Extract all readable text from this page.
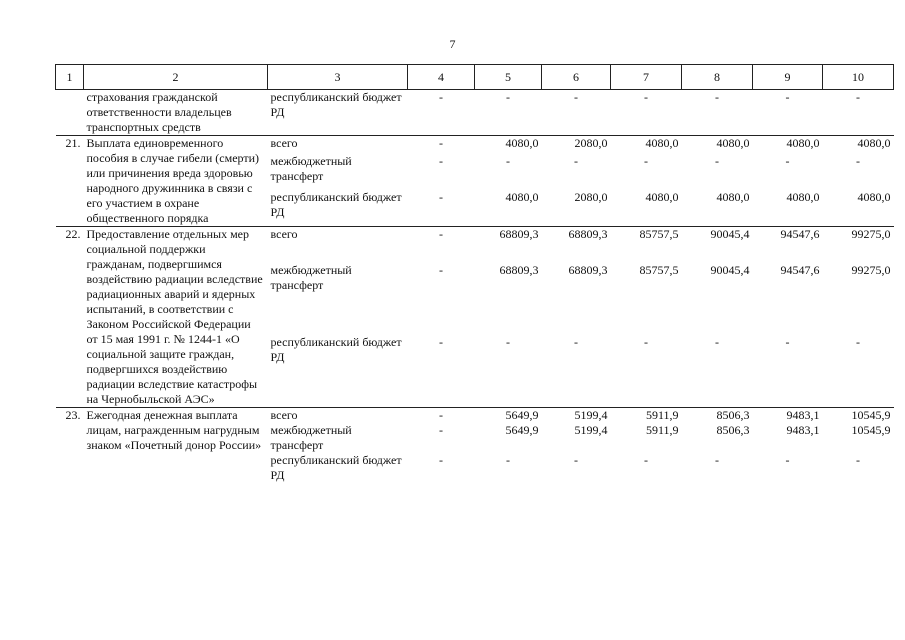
7
1	2	3	4	5	6	7	8	9	10
	страхования гражданской ответственности владельцев транспортных средств	республиканский бюджет РД	-	-	-	-	-	-	-
21.	Выплата единовременного пособия в случае гибели (смерти) или причинения вреда здоровью народного дружинника в связи с его участием в охране общественного порядка	всего	-	4080,0	2080,0	4080,0	4080,0	4080,0	4080,0
		межбюджетный трансферт	-	-	-	-	-	-	-
		республиканский бюджет РД	-	4080,0	2080,0	4080,0	4080,0	4080,0	4080,0
22.	Предоставление отдельных мер социальной поддержки гражданам, подвергшимся воздействию радиации вследствие радиационных аварий и ядерных испытаний, в соответствии с Законом Российской Федерации от 15 мая 1991 г. № 1244-1 «О социальной защите граждан, подвергшихся воздействию радиации вследствие катастрофы на Чернобыльской АЭС»	всего	-	68809,3	68809,3	85757,5	90045,4	94547,6	99275,0
		межбюджетный трансферт	-	68809,3	68809,3	85757,5	90045,4	94547,6	99275,0
		республиканский бюджет РД	-	-	-	-	-	-	-
23.	Ежегодная денежная выплата лицам, награжденным нагрудным знаком «Почетный донор России»	всего	-	5649,9	5199,4	5911,9	8506,3	9483,1	10545,9
		межбюджетный трансферт	-	5649,9	5199,4	5911,9	8506,3	9483,1	10545,9
		республиканский бюджет РД	-	-	-	-	-	-	-
